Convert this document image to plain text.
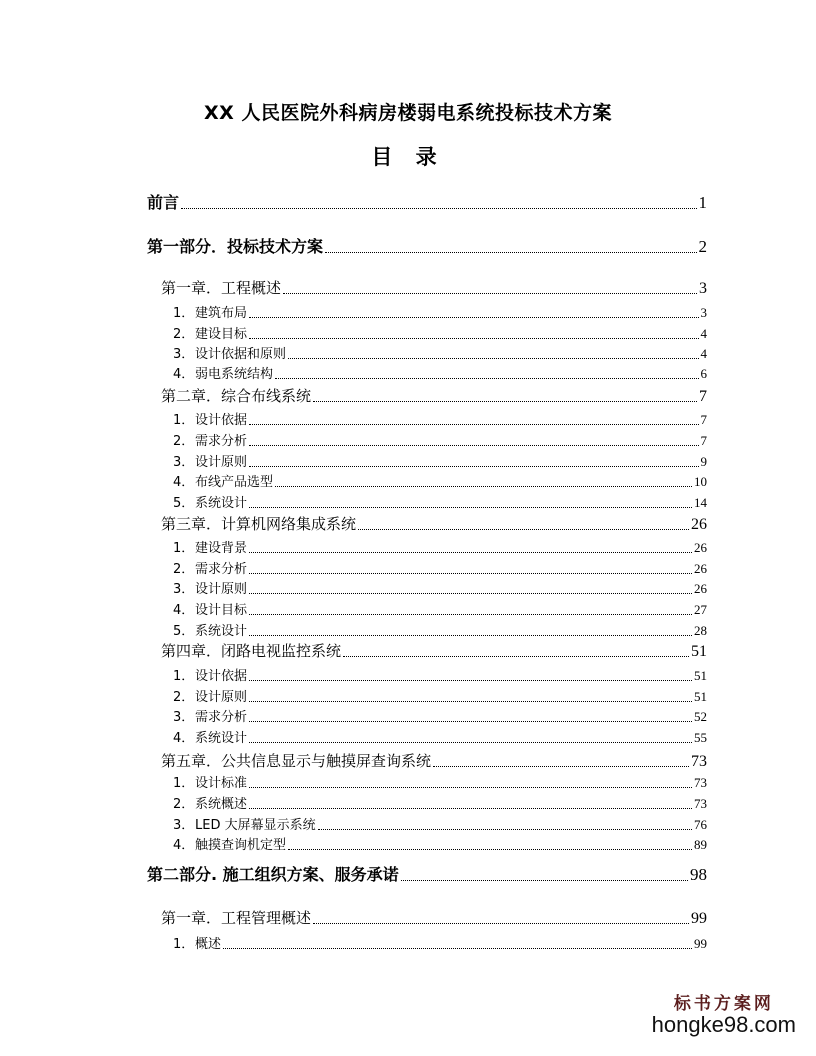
XX 人民医院外科病房楼弱电系统投标技术方案
目 录
前言	1
第一部分．投标技术方案	2
第一章．工程概述	3
1．建筑布局	3
2．建设目标	4
3．设计依据和原则	4
4．弱电系统结构	6
第二章．综合布线系统	7
1．设计依据	7
2．需求分析	7
3．设计原则	9
4．布线产品选型	10
5．系统设计	14
第三章．计算机网络集成系统	26
1．建设背景	26
2．需求分析	26
3．设计原则	26
4．设计目标	27
5．系统设计	28
第四章．闭路电视监控系统	51
1．设计依据	51
2．设计原则	51
3．需求分析	52
4．系统设计	55
第五章．公共信息显示与触摸屏查询系统	73
1．设计标准	73
2．系统概述	73
3．LED 大屏幕显示系统	76
4．触摸查询机定型	89
第二部分. 施工组织方案、服务承诺	98
第一章．工程管理概述	99
1．概述	99
标书方案网
hongke98.com
